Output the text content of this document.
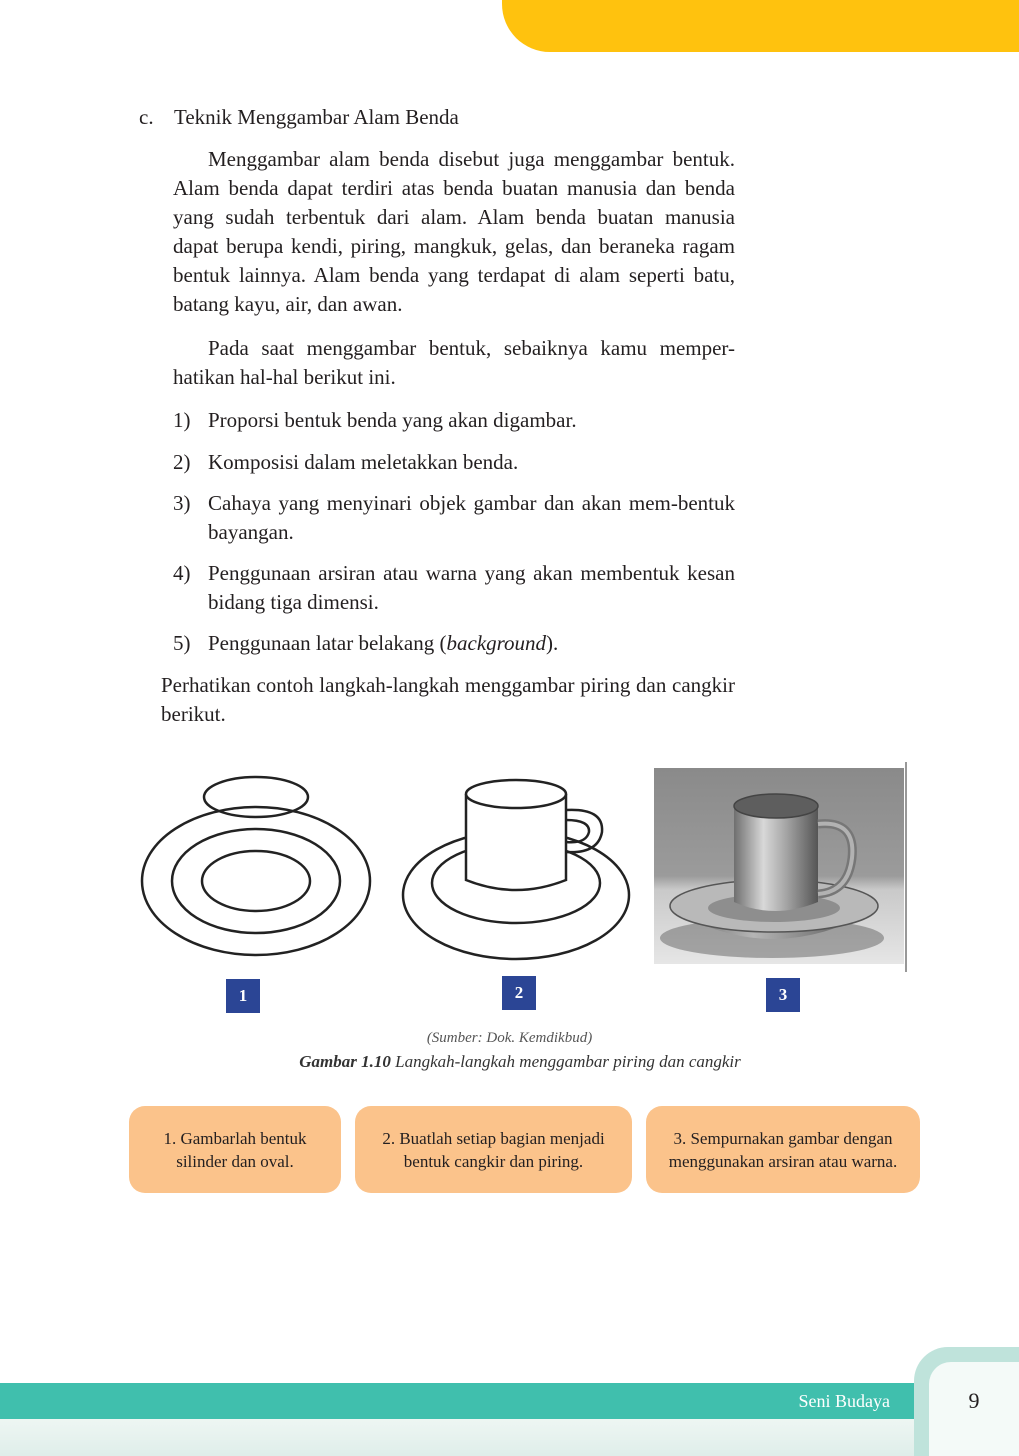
c. Teknik Menggambar Alam Benda
Menggambar alam benda disebut juga menggambar bentuk. Alam benda dapat terdiri atas benda buatan manusia dan benda yang sudah terbentuk dari alam. Alam benda buatan manusia dapat berupa kendi, piring, mangkuk, gelas, dan beraneka ragam bentuk lainnya. Alam benda yang terdapat di alam seperti batu, batang kayu, air, dan awan.
Pada saat menggambar bentuk, sebaiknya kamu memper-hatikan hal-hal berikut ini.
1) Proporsi bentuk benda yang akan digambar.
2) Komposisi dalam meletakkan benda.
3) Cahaya yang menyinari objek gambar dan akan mem-bentuk bayangan.
4) Penggunaan arsiran atau warna yang akan membentuk kesan bidang tiga dimensi.
5) Penggunaan latar belakang (background).
Perhatikan contoh langkah-langkah menggambar piring dan cangkir berikut.
1	2	3
(Sumber: Dok. Kemdikbud)
Gambar 1.10 Langkah-langkah menggambar piring dan cangkir
1. Gambarlah bentuk
silinder dan oval.
2. Buatlah setiap bagian menjadi
bentuk cangkir dan piring.
3. Sempurnakan gambar dengan
menggunakan arsiran atau warna.
Seni Budaya	9
